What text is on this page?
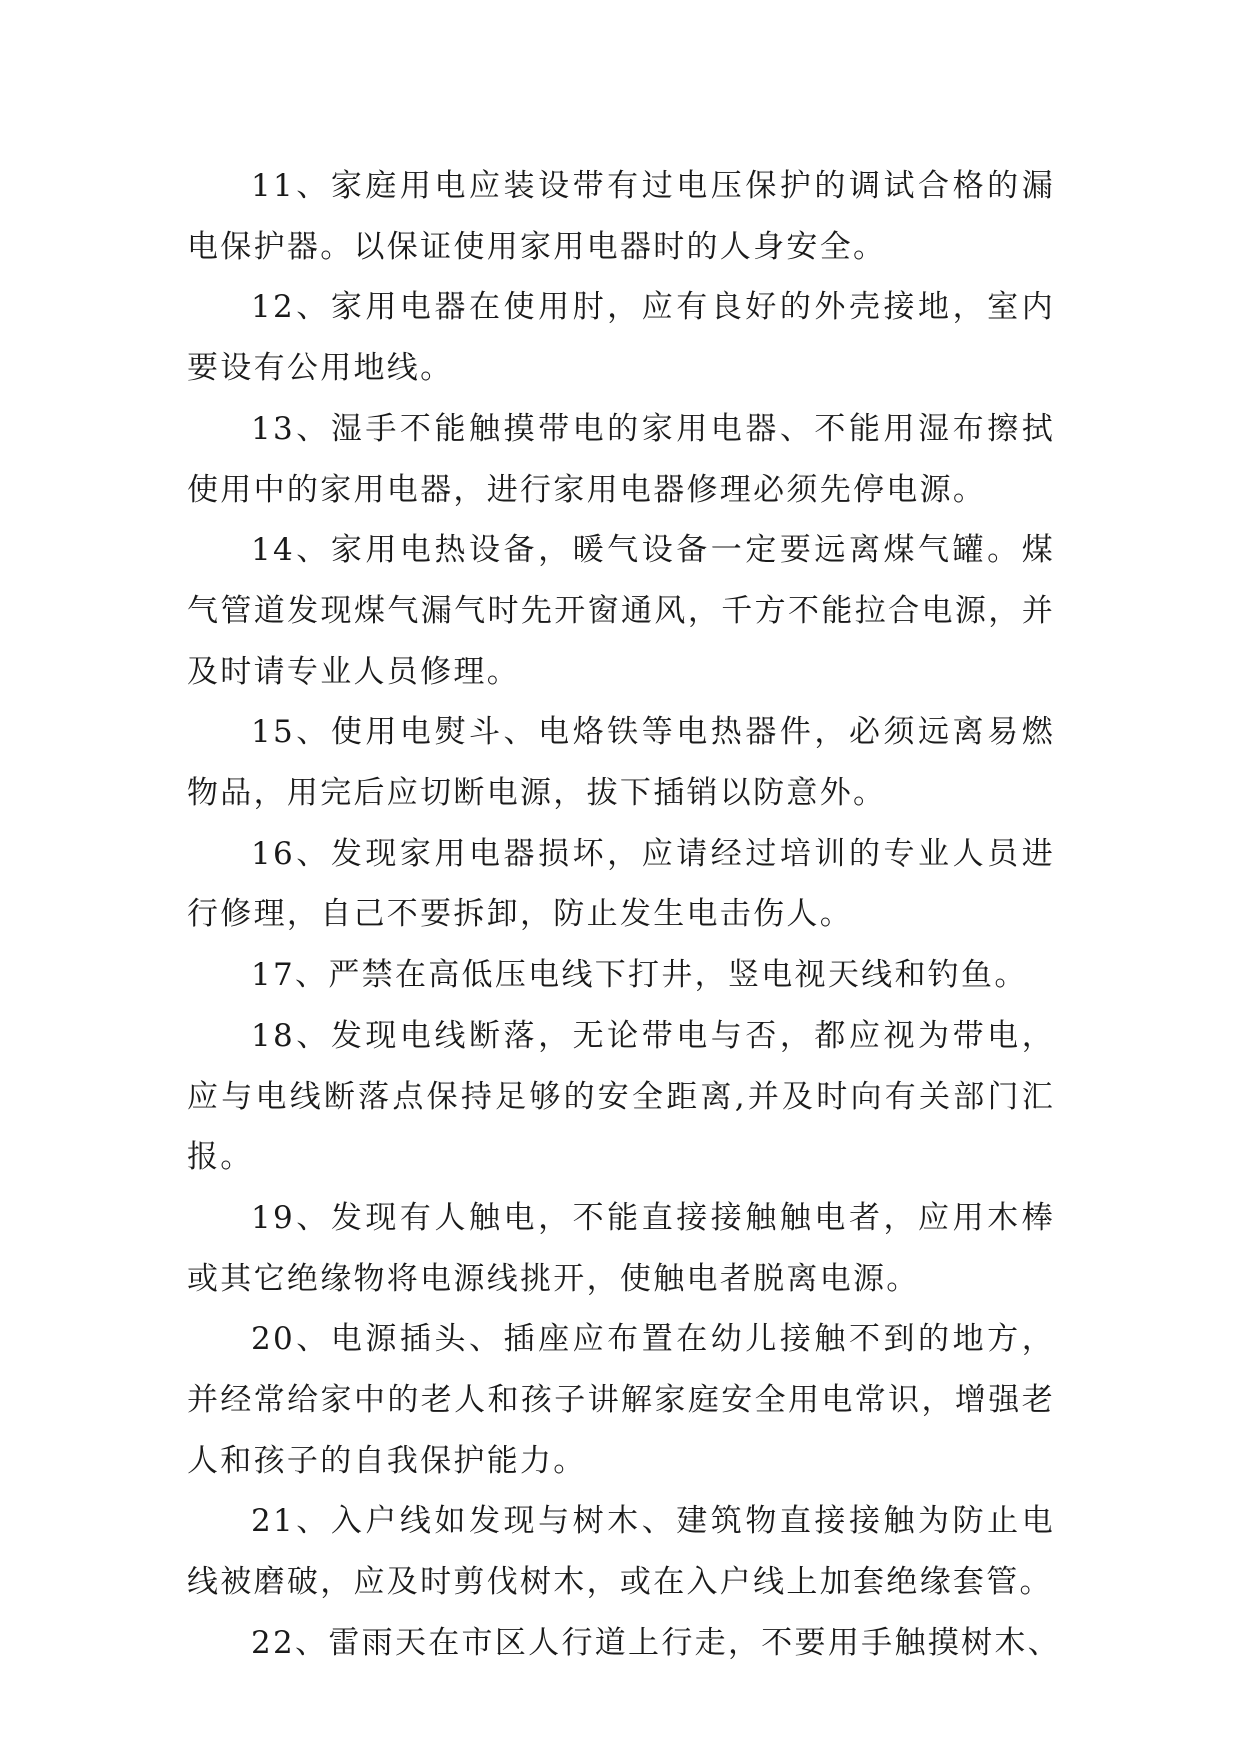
11、家庭用电应装设带有过电压保护的调试合格的漏电保护器。以保证使用家用电器时的人身安全。

12、家用电器在使用肘，应有良好的外壳接地，室内要设有公用地线。

13、湿手不能触摸带电的家用电器、不能用湿布擦拭使用中的家用电器，进行家用电器修理必须先停电源。

14、家用电热设备，暖气设备一定要远离煤气罐。煤气管道发现煤气漏气时先开窗通风，千方不能拉合电源，并及时请专业人员修理。

15、使用电熨斗、电烙铁等电热器件，必须远离易燃物品，用完后应切断电源，拔下插销以防意外。

16、发现家用电器损坏，应请经过培训的专业人员进行修理，自己不要拆卸，防止发生电击伤人。

17、严禁在高低压电线下打井，竖电视天线和钓鱼。

18、发现电线断落，无论带电与否，都应视为带电，应与电线断落点保持足够的安全距离,并及时向有关部门汇报。

19、发现有人触电，不能直接接触触电者，应用木棒或其它绝缘物将电源线挑开，使触电者脱离电源。

20、电源插头、插座应布置在幼儿接触不到的地方，并经常给家中的老人和孩子讲解家庭安全用电常识，增强老人和孩子的自我保护能力。

21、入户线如发现与树木、建筑物直接接触为防止电线被磨破，应及时剪伐树木，或在入户线上加套绝缘套管。

22、雷雨天在市区人行道上行走，不要用手触摸树木、
